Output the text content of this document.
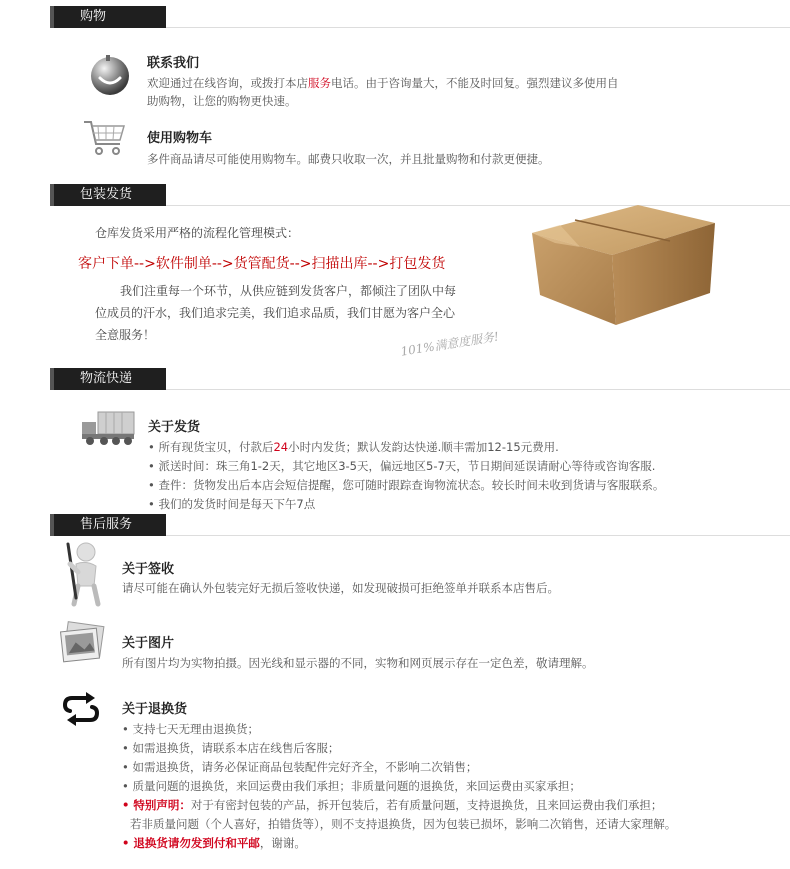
购物
联系我们
欢迎通过在线咨询，或拨打本店服务电话。由于咨询量大，不能及时回复。强烈建议多使用自
助购物，让您的购物更快速。
使用购物车
多件商品请尽可能使用购物车。邮费只收取一次，并且批量购物和付款更便捷。
包装发货
仓库发货采用严格的流程化管理模式：
客户下单-->软件制单-->货管配货-->扫描出库-->打包发货
我们注重每一个环节，从供应链到发货客户，都倾注了团队中每
位成员的汗水，我们追求完美，我们追求品质，我们甘愿为客户全心
全意服务！	101%满意度服务!
物流快递
关于发货
• 所有现货宝贝，付款后24小时内发货；默认发韵达快递.顺丰需加12-15元费用.
• 派送时间：珠三角1-2天，其它地区3-5天，偏远地区5-7天，节日期间延误请耐心等待或咨询客服.
• 查件：货物发出后本店会短信提醒，您可随时跟踪查询物流状态。较长时间未收到货请与客服联系。
• 我们的发货时间是每天下午7点
售后服务
关于签收
请尽可能在确认外包装完好无损后签收快递，如发现破损可拒绝签单并联系本店售后。
关于图片
所有图片均为实物拍摄。因光线和显示器的不同，实物和网页展示存在一定色差，敬请理解。
关于退换货
• 支持七天无理由退换货；
• 如需退换货，请联系本店在线售后客服；
• 如需退换货，请务必保证商品包装配件完好齐全，不影响二次销售；
• 质量问题的退换货，来回运费由我们承担；非质量问题的退换货，来回运费由买家承担；
• 特别声明：对于有密封包装的产品，拆开包装后，若有质量问题，支持退换货，且来回运费由我们承担；
若非质量问题（个人喜好，拍错货等），则不支持退换货，因为包装已损坏，影响二次销售，还请大家理解。
• 退换货请勿发到付和平邮，谢谢。
